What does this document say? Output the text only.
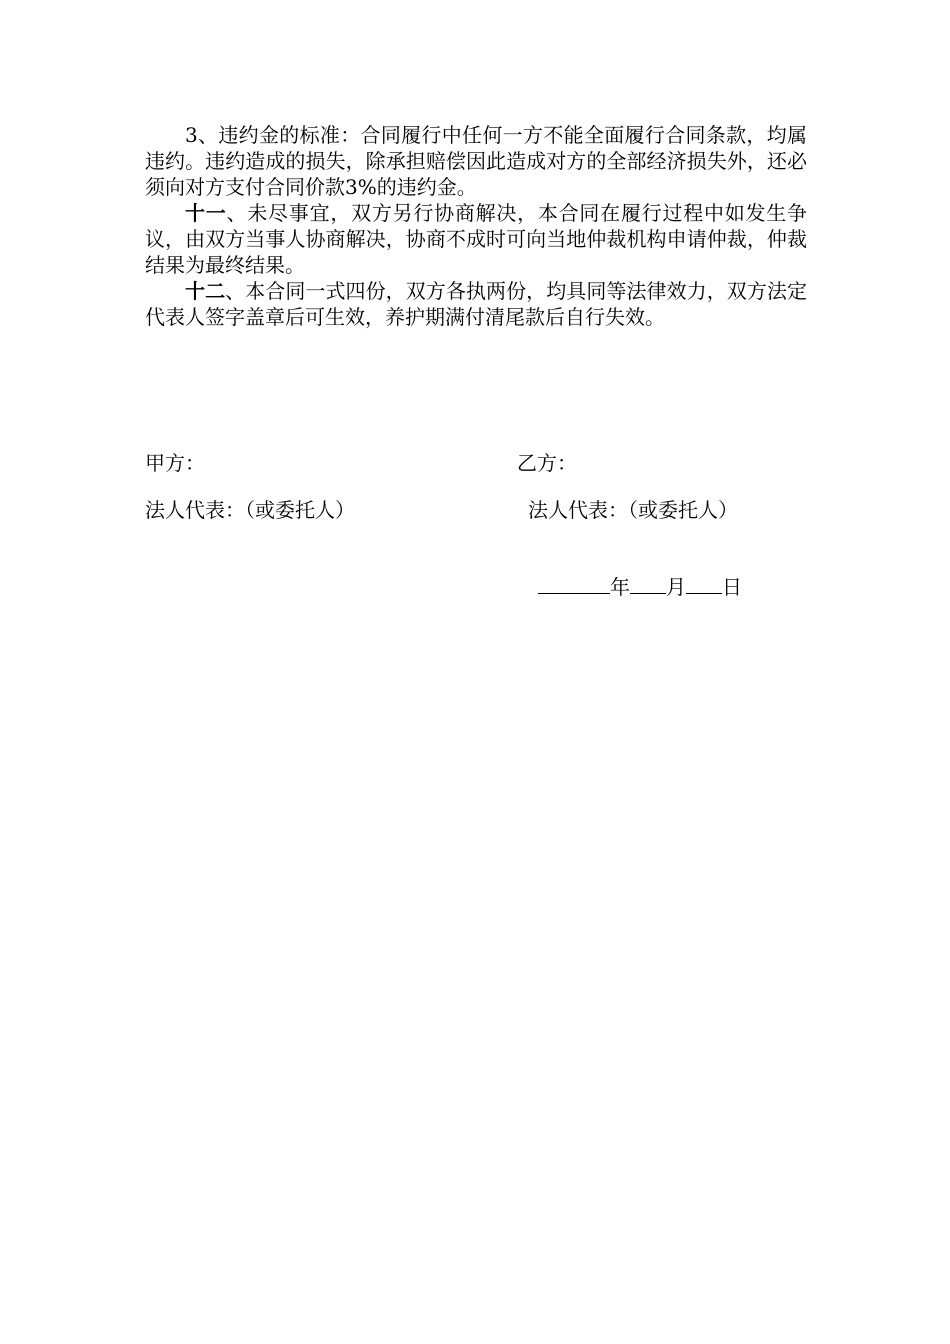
3、违约金的标准：合同履行中任何一方不能全面履行合同条款，均属违约。违约造成的损失，除承担赔偿因此造成对方的全部经济损失外，还必须向对方支付合同价款3%的违约金。

十一、未尽事宜，双方另行协商解决，本合同在履行过程中如发生争议，由双方当事人协商解决，协商不成时可向当地仲裁机构申请仲裁，仲裁结果为最终结果。

十二、本合同一式四份，双方各执两份，均具同等法律效力，双方法定代表人签字盖章后可生效，养护期满付清尾款后自行失效。

甲方：	乙方：
法人代表：（或委托人）	法人代表：（或委托人）
年 月 日
